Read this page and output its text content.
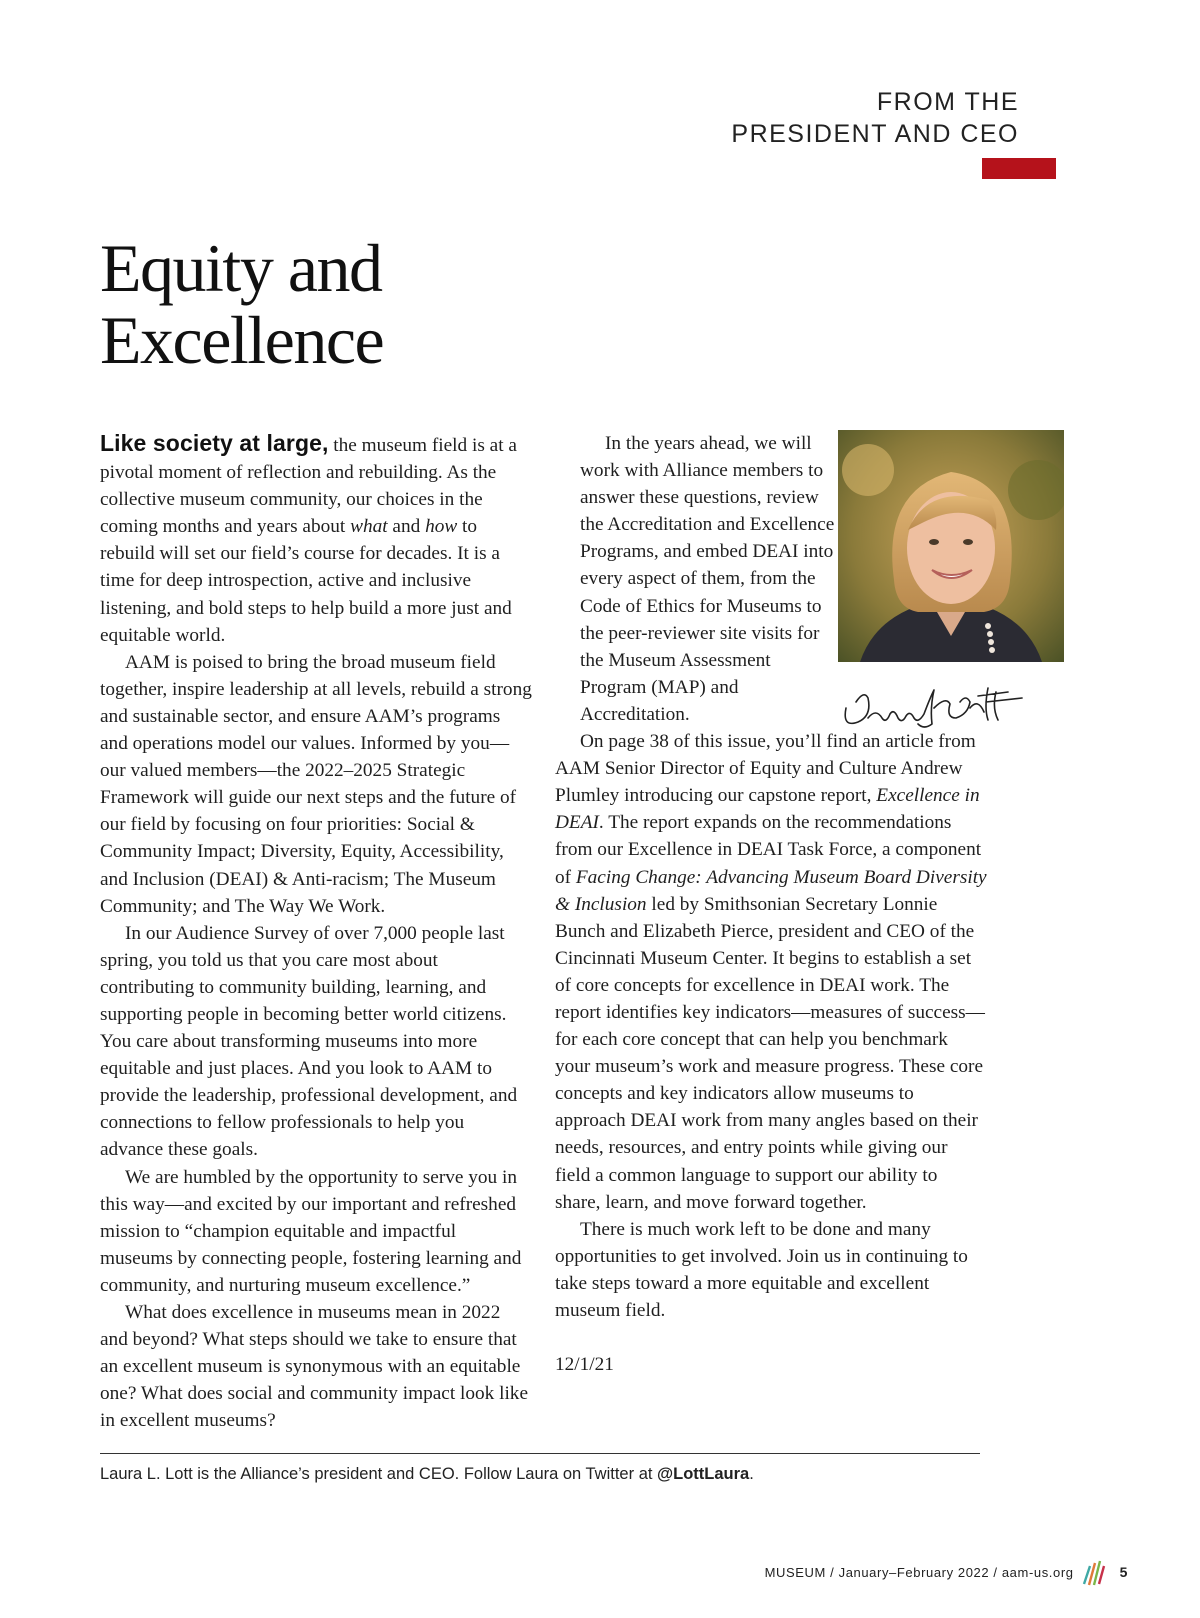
FROM THE
PRESIDENT AND CEO
Equity and
Excellence

Like society at large, the museum field is at a pivotal moment of reflection and rebuilding. As the collective museum community, our choices in the coming months and years about what and how to rebuild will set our field’s course for decades. It is a time for deep introspection, active and inclusive listening, and bold steps to help build a more just and equitable world.

AAM is poised to bring the broad museum field together, inspire leadership at all levels, rebuild a strong and sustainable sector, and ensure AAM’s programs and operations model our values. Informed by you—our valued members—the 2022–2025 Strategic Framework will guide our next steps and the future of our field by focusing on four priorities: Social & Community Impact; Diversity, Equity, Accessibility, and Inclusion (DEAI) & Anti-racism; The Museum Community; and The Way We Work.

In our Audience Survey of over 7,000 people last spring, you told us that you care most about contributing to community building, learning, and supporting people in becoming better world citizens. You care about transforming museums into more equitable and just places. And you look to AAM to provide the leadership, professional development, and connections to fellow professionals to help you advance these goals.

We are humbled by the opportunity to serve you in this way—and excited by our important and refreshed mission to “champion equitable and impactful museums by connecting people, fostering learning and community, and nurturing museum excellence.”

What does excellence in museums mean in 2022 and beyond? What steps should we take to ensure that an excellent museum is synonymous with an equitable one? What does social and community impact look like in excellent museums?

In the years ahead, we will work with Alliance members to answer these questions, review the Accreditation and Excellence Programs, and embed DEAI into every aspect of them, from the Code of Ethics for Museums to the peer-reviewer site visits for the Museum Assessment Program (MAP) and Accreditation.

On page 38 of this issue, you’ll find an article from AAM Senior Director of Equity and Culture Andrew Plumley introducing our capstone report, Excellence in DEAI. The report expands on the recommendations from our Excellence in DEAI Task Force, a component of Facing Change: Advancing Museum Board Diversity & Inclusion led by Smithsonian Secretary Lonnie Bunch and Elizabeth Pierce, president and CEO of the Cincinnati Museum Center. It begins to establish a set of core concepts for excellence in DEAI work. The report identifies key indicators—measures of success—for each core concept that can help you benchmark your museum’s work and measure progress. These core concepts and key indicators allow museums to approach DEAI work from many angles based on their needs, resources, and entry points while giving our field a common language to support our ability to share, learn, and move forward together.

There is much work left to be done and many opportunities to get involved. Join us in continuing to take steps toward a more equitable and excellent museum field.

12/1/21

Laura L. Lott is the Alliance’s president and CEO. Follow Laura on Twitter at @LottLaura.
MUSEUM / January–February 2022 / aam-us.org	5
